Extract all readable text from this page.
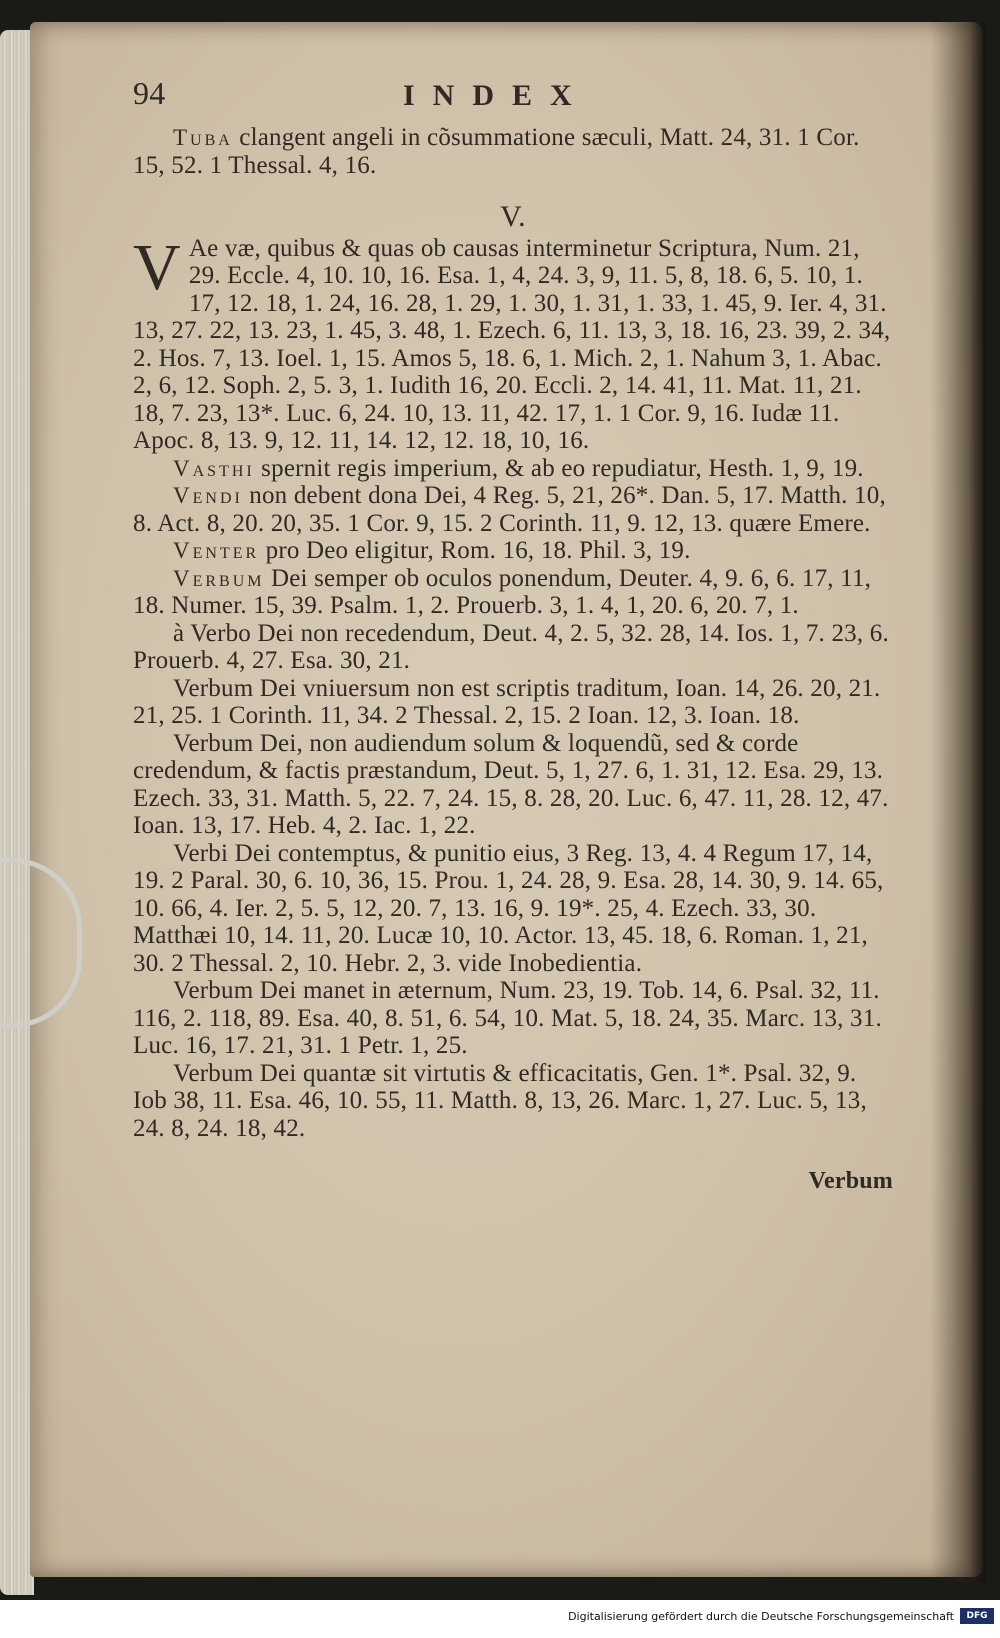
94	INDEX

Tuba clangent angeli in cõsummatione sæculi, Matt. 24, 31. 1 Cor. 15, 52. 1 Thessal. 4, 16.

V.

V Ae væ, quibus & quas ob causas interminetur Scriptura, Num. 21, 29. Eccle. 4, 10. 10, 16. Esa. 1, 4, 24. 3, 9, 11. 5, 8, 18. 6, 5. 10, 1. 17, 12. 18, 1. 24, 16. 28, 1. 29, 1. 30, 1. 31, 1. 33, 1. 45, 9. Ier. 4, 31. 13, 27. 22, 13. 23, 1. 45, 3. 48, 1. Ezech. 6, 11. 13, 3, 18. 16, 23. 39, 2. 34, 2. Hos. 7, 13. Ioel. 1, 15. Amos 5, 18. 6, 1. Mich. 2, 1. Nahum 3, 1. Abac. 2, 6, 12. Soph. 2, 5. 3, 1. Iudith 16, 20. Eccli. 2, 14. 41, 11. Mat. 11, 21. 18, 7. 23, 13*. Luc. 6, 24. 10, 13. 11, 42. 17, 1. 1 Cor. 9, 16. Iudæ 11. Apoc. 8, 13. 9, 12. 11, 14. 12, 12. 18, 10, 16.

Vasthi spernit regis imperium, & ab eo repudiatur, Hesth. 1, 9, 19.

Vendi non debent dona Dei, 4 Reg. 5, 21, 26*. Dan. 5, 17. Matth. 10, 8. Act. 8, 20. 20, 35. 1 Cor. 9, 15. 2 Corinth. 11, 9. 12, 13. quære Emere.

Venter pro Deo eligitur, Rom. 16, 18. Phil. 3, 19.

Verbum Dei semper ob oculos ponendum, Deuter. 4, 9. 6, 6. 17, 11, 18. Numer. 15, 39. Psalm. 1, 2. Prouerb. 3, 1. 4, 1, 20. 6, 20. 7, 1.

à Verbo Dei non recedendum, Deut. 4, 2. 5, 32. 28, 14. Ios. 1, 7. 23, 6. Prouerb. 4, 27. Esa. 30, 21.

Verbum Dei vniuersum non est scriptis traditum, Ioan. 14, 26. 20, 21. 21, 25. 1 Corinth. 11, 34. 2 Thessal. 2, 15. 2 Ioan. 12, 3. Ioan. 18.

Verbum Dei, non audiendum solum & loquendũ, sed & corde credendum, & factis præstandum, Deut. 5, 1, 27. 6, 1. 31, 12. Esa. 29, 13. Ezech. 33, 31. Matth. 5, 22. 7, 24. 15, 8. 28, 20. Luc. 6, 47. 11, 28. 12, 47. Ioan. 13, 17. Heb. 4, 2. Iac. 1, 22.

Verbi Dei contemptus, & punitio eius, 3 Reg. 13, 4. 4 Regum 17, 14, 19. 2 Paral. 30, 6. 10, 36, 15. Prou. 1, 24. 28, 9. Esa. 28, 14. 30, 9. 14. 65, 10. 66, 4. Ier. 2, 5. 5, 12, 20. 7, 13. 16, 9. 19*. 25, 4. Ezech. 33, 30. Matthæi 10, 14. 11, 20. Lucæ 10, 10. Actor. 13, 45. 18, 6. Roman. 1, 21, 30. 2 Thessal. 2, 10. Hebr. 2, 3. vide Inobedientia.

Verbum Dei manet in æternum, Num. 23, 19. Tob. 14, 6. Psal. 32, 11. 116, 2. 118, 89. Esa. 40, 8. 51, 6. 54, 10. Mat. 5, 18. 24, 35. Marc. 13, 31. Luc. 16, 17. 21, 31. 1 Petr. 1, 25.

Verbum Dei quantæ sit virtutis & efficacitatis, Gen. 1*. Psal. 32, 9. Iob 38, 11. Esa. 46, 10. 55, 11. Matth. 8, 13, 26. Marc. 1, 27. Luc. 5, 13, 24. 8, 24. 18, 42.

Verbum
Digitalisierung gefördert durch die Deutsche Forschungsgemeinschaft	DFG
